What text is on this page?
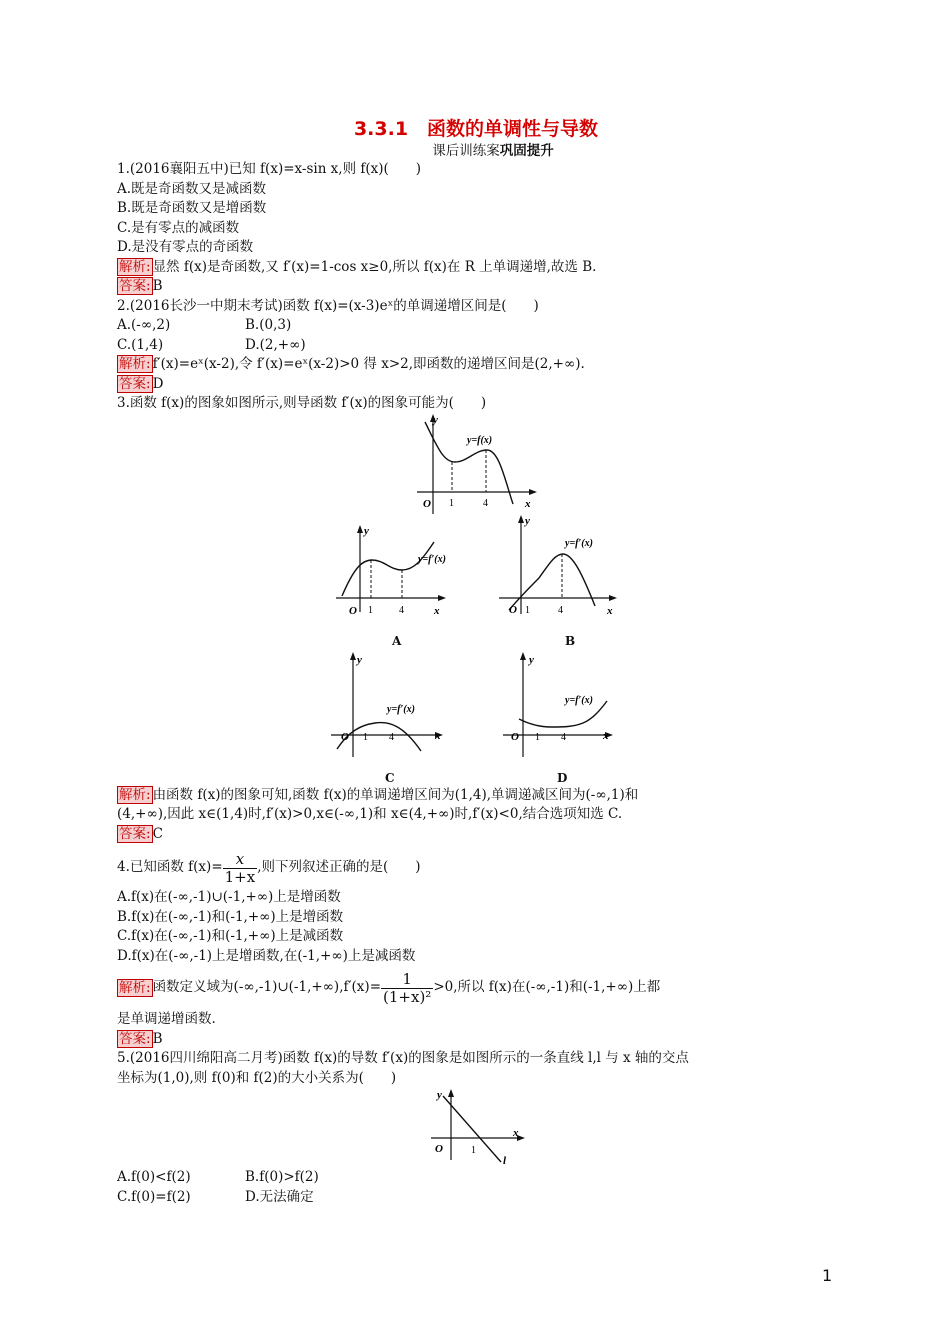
3.3.1　函数的单调性与导数
课后训练案巩固提升
1.(2016襄阳五中)已知 f(x)=x-sin x,则 f(x)(　　)
A.既是奇函数又是减函数
B.既是奇函数又是增函数
C.是有零点的减函数
D.是没有零点的奇函数
解析: 显然 f(x)是奇函数,又 f′(x)=1-cos x≥0,所以 f(x)在 R 上单调递增,故选 B.
答案: B
2.(2016长沙一中期末考试)函数 f(x)=(x-3)eˣ的单调递增区间是(　　)
A.(-∞,2)	B.(0,3)
C.(1,4)	D.(2,+∞)
解析: f′(x)=eˣ(x-2),令 f′(x)=eˣ(x-2)>0 得 x>2,即函数的递增区间是(2,+∞).
答案: D
3.函数 f(x)的图象如图所示,则导函数 f′(x)的图象可能为(　　)
y
x
O 1	4
y=f(x)
y
x
O 1	4
y=f′(x)
A
y
x
O 1	4
y=f′(x)
B
y
x
O 1 4
y=f′(x)
C
y
x
O 1 4
y=f′(x)
D
解析: 由函数 f(x)的图象可知,函数 f(x)的单调递增区间为(1,4),单调递减区间为(-∞,1)和
(4,+∞),因此 x∈(1,4)时,f′(x)>0,x∈(-∞,1)和 x∈(4,+∞)时,f′(x)<0,结合选项知选 C.
答案: C
4.已知函数 $f(x)= \frac{x}{1+x}$ ,则下列叙述正确的是(　　)
A.f(x)在(-∞,-1)∪(-1,+∞)上是增函数
B.f(x)在(-∞,-1)和(-1,+∞)上是增函数
C.f(x)在(-∞,-1)和(-1,+∞)上是减函数
D.f(x)在(-∞,-1)上是增函数,在(-1,+∞)上是减函数
解析: 函数定义域为(-∞,-1)∪(-1,+∞),f′(x)= $\frac{1}{\text{(1+x)²}} >0$,所以 f(x)在(-∞,-1)和(-1,+∞)上都
是单调递增函数.
答案: B
5.(2016四川绵阳高二月考)函数 f(x)的导数 f′(x)的图象是如图所示的一条直线 l,l 与 x 轴的交点
坐标为(1,0),则 f(0)和 f(2)的大小关系为(　　)
y
x
O	1
l
A.f(0)<f(2)	B.f(0)>f(2)
C.f(0)=f(2)	D.无法确定
1
